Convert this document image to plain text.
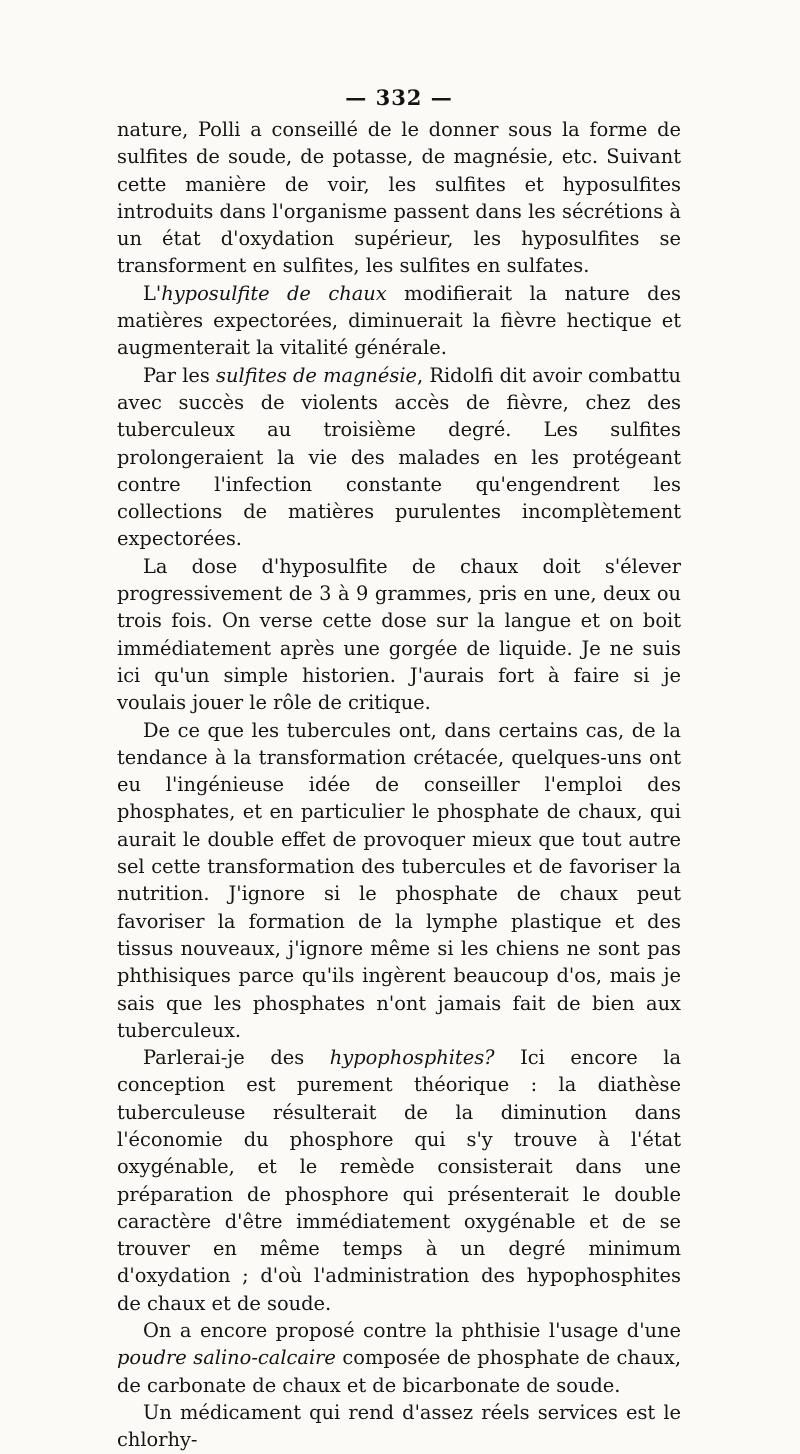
— 332 —

nature, Polli a conseillé de le donner sous la forme de sulfites de soude, de potasse, de magnésie, etc. Suivant cette manière de voir, les sulfites et hyposulfites introduits dans l'organisme passent dans les sécrétions à un état d'oxydation supérieur, les hyposulfites se transforment en sulfites, les sulfites en sulfates.

L'hyposulfite de chaux modifierait la nature des matières expectorées, diminuerait la fièvre hectique et augmenterait la vitalité générale.

Par les sulfites de magnésie, Ridolfi dit avoir combattu avec succès de violents accès de fièvre, chez des tuberculeux au troisième degré. Les sulfites prolongeraient la vie des malades en les protégeant contre l'infection constante qu'engendrent les collections de matières purulentes incomplètement expectorées.

La dose d'hyposulfite de chaux doit s'élever progressivement de 3 à 9 grammes, pris en une, deux ou trois fois. On verse cette dose sur la langue et on boit immédiatement après une gorgée de liquide. Je ne suis ici qu'un simple historien. J'aurais fort à faire si je voulais jouer le rôle de critique.

De ce que les tubercules ont, dans certains cas, de la tendance à la transformation crétacée, quelques-uns ont eu l'ingénieuse idée de conseiller l'emploi des phosphates, et en particulier le phosphate de chaux, qui aurait le double effet de provoquer mieux que tout autre sel cette transformation des tubercules et de favoriser la nutrition. J'ignore si le phosphate de chaux peut favoriser la formation de la lymphe plastique et des tissus nouveaux, j'ignore même si les chiens ne sont pas phthisiques parce qu'ils ingèrent beaucoup d'os, mais je sais que les phosphates n'ont jamais fait de bien aux tuberculeux.

Parlerai-je des hypophosphites? Ici encore la conception est purement théorique : la diathèse tuberculeuse résulterait de la diminution dans l'économie du phosphore qui s'y trouve à l'état oxygénable, et le remède consisterait dans une préparation de phosphore qui présenterait le double caractère d'être immédiatement oxygénable et de se trouver en même temps à un degré minimum d'oxydation ; d'où l'administration des hypophosphites de chaux et de soude.

On a encore proposé contre la phthisie l'usage d'une poudre salino-calcaire composée de phosphate de chaux, de carbonate de chaux et de bicarbonate de soude.

Un médicament qui rend d'assez réels services est le chlorhy-
